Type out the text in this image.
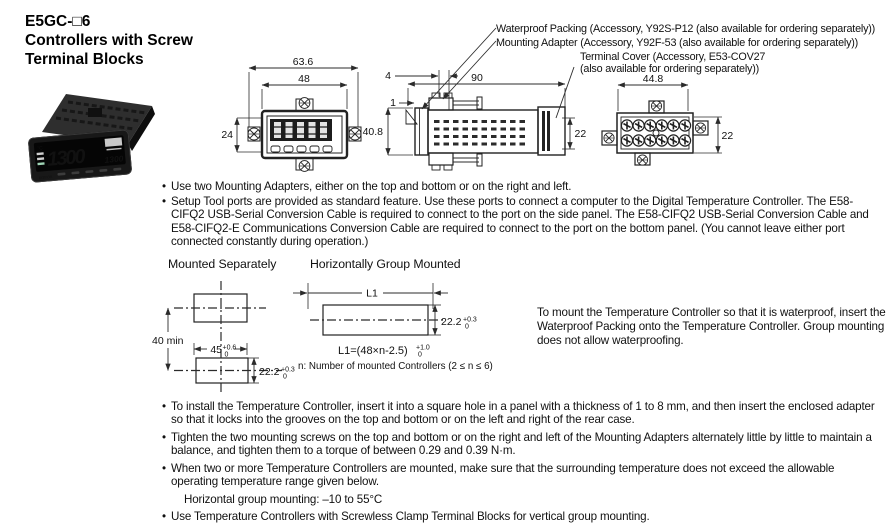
E5GC-□6
Controllers with Screw
Terminal Blocks
°C 1300 1300
omron
Waterproof Packing (Accessory, Y92S-P12 (also available for ordering separately))
Mounting Adapter (Accessory, Y92F-53 (also available for ordering separately))
Terminal Cover (Accessory, E53-COV27
(also available for ordering separately))
63.6
48
24
4	90
1
40.8	22
44.8
22
• Use two Mounting Adapters, either on the top and bottom or on the right and left.
• Setup Tool ports are provided as standard feature. Use these ports to connect a computer to the Digital Temperature Controller. The E58-CIFQ2 USB-Serial Conversion Cable is required to connect to the port on the side panel. The E58-CIFQ2 USB-Serial Conversion Cable and E58-CIFQ2-E Communications Conversion Cable are required to connect to the port on the bottom panel. (You cannot leave either port connected constantly during operation.)
Mounted Separately	Horizontally Group Mounted
40 min
45 +0.6
0
22.2 +0.3
0
L1
22.2 +0.3
0
L1=(48×n-2.5) +1.0
0
n: Number of mounted Controllers (2 ≤ n ≤ 6)
To mount the Temperature Controller so that it is waterproof, insert the Waterproof Packing onto the Temperature Controller. Group mounting does not allow waterproofing.
• To install the Temperature Controller, insert it into a square hole in a panel with a thickness of 1 to 8 mm, and then insert the enclosed adapter so that it locks into the grooves on the top and bottom or on the left and right of the rear case.
• Tighten the two mounting screws on the top and bottom or on the right and left of the Mounting Adapters alternately little by little to maintain a balance, and tighten them to a torque of between 0.29 and 0.39 N·m.
• When two or more Temperature Controllers are mounted, make sure that the surrounding temperature does not exceed the allowable operating temperature range given below.
Horizontal group mounting: –10 to 55°C
• Use Temperature Controllers with Screwless Clamp Terminal Blocks for vertical group mounting.
